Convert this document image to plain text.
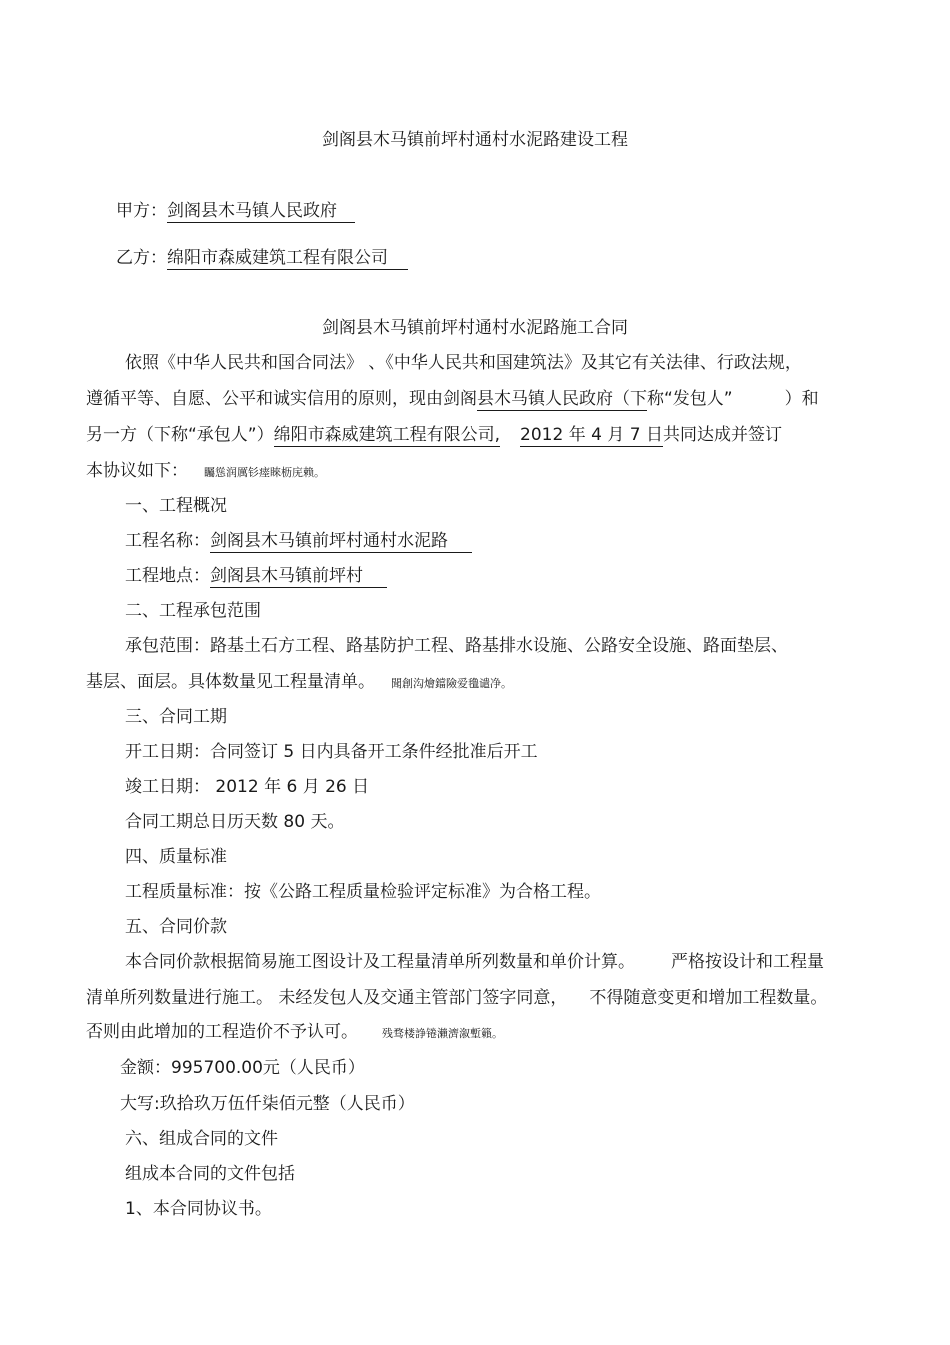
剑阁县木马镇前坪村通村水泥路建设工程
甲方：剑阁县木马镇人民政府
乙方：绵阳市森威建筑工程有限公司
剑阁县木马镇前坪村通村水泥路施工合同
依照《中华人民共和国合同法》 、《中华人民共和国建筑法》及其它有关法律、行政法规，
遵循平等、自愿、公平和诚实信用的原则，现由剑阁县木马镇人民政府（下称“发包人”	）和
另一方（下称“承包人”）绵阳市森威建筑工程有限公司, 2012 年 4 月 7 日共同达成并签订
本协议如下： 矚慫润厲钐瘗睞枥庑赖。
一、工程概况
工程名称：剑阁县木马镇前坪村通村水泥路
工程地点：剑阁县木马镇前坪村
二、工程承包范围
承包范围：路基土石方工程、路基防护工程、路基排水设施、公路安全设施、路面垫层、
基层、面层。具体数量见工程量清单。 聞創沟燴鐺險爱氇谴净。
三、合同工期
开工日期：合同签订 5 日内具备开工条件经批准后开工
竣工日期： 2012 年 6 月 26 日
合同工期总日历天数 80 天。
四、质量标准
工程质量标准：按《公路工程质量检验评定标准》为合格工程。
五、合同价款
本合同价款根据简易施工图设计及工程量清单所列数量和单价计算。 严格按设计和工程量
清单所列数量进行施工。 未经发包人及交通主管部门签字同意， 不得随意变更和增加工程数量。
否则由此增加的工程造价不予认可。 残骛楼諍锩瀨濟溆塹籟。
金额：995700.00元（人民币）
大写:玖拾玖万伍仟柒佰元整（人民币）
六、组成合同的文件
组成本合同的文件包括
1、本合同协议书。
